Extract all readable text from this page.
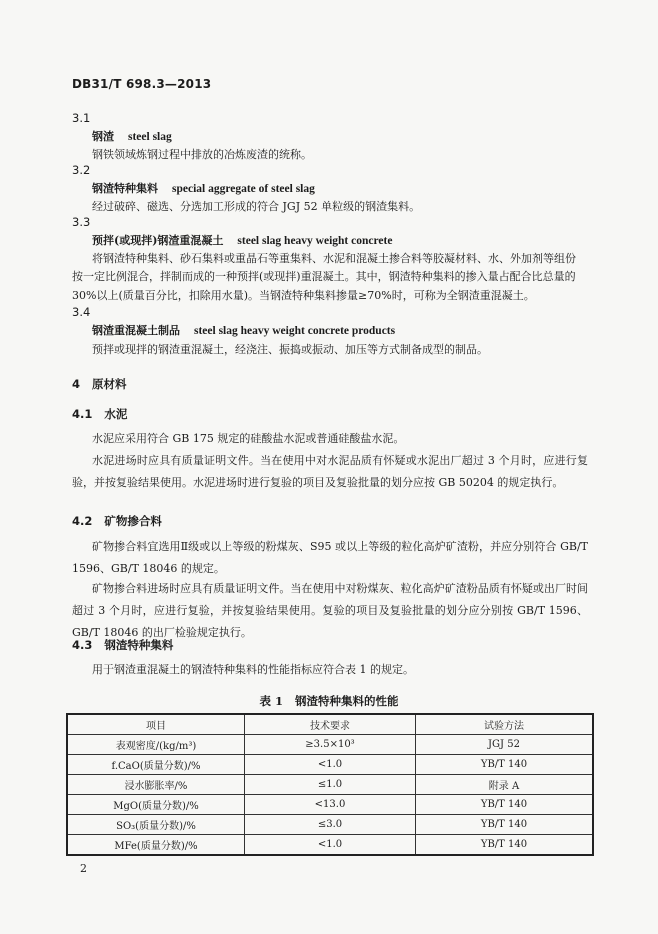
DB31/T 698.3—2013
3.1
钢渣 steel slag
钢铁领域炼钢过程中排放的冶炼废渣的统称。
3.2
钢渣特种集料 special aggregate of steel slag
经过破碎、磁选、分选加工形成的符合 JGJ 52 单粒级的钢渣集料。
3.3
预拌(或现拌)钢渣重混凝土 steel slag heavy weight concrete
将钢渣特种集料、砂石集料或重晶石等重集料、水泥和混凝土掺合料等胶凝材料、水、外加剂等组份
按一定比例混合，拌制而成的一种预拌(或现拌)重混凝土。其中，钢渣特种集料的掺入量占配合比总量的
30%以上(质量百分比，扣除用水量)。当钢渣特种集料掺量≥70%时，可称为全钢渣重混凝土。
3.4
钢渣重混凝土制品 steel slag heavy weight concrete products
预拌或现拌的钢渣重混凝土，经浇注、振捣或振动、加压等方式制备成型的制品。
4 原材料
4.1 水泥
水泥应采用符合 GB 175 规定的硅酸盐水泥或普通硅酸盐水泥。
水泥进场时应具有质量证明文件。当在使用中对水泥品质有怀疑或水泥出厂超过 3 个月时，应进行复验，并按复验结果使用。水泥进场时进行复验的项目及复验批量的划分应按 GB 50204 的规定执行。
4.2 矿物掺合料
矿物掺合料宜选用Ⅱ级或以上等级的粉煤灰、S95 或以上等级的粒化高炉矿渣粉，并应分别符合 GB/T 1596、GB/T 18046 的规定。
矿物掺合料进场时应具有质量证明文件。当在使用中对粉煤灰、粒化高炉矿渣粉品质有怀疑或出厂时间超过 3 个月时，应进行复验，并按复验结果使用。复验的项目及复验批量的划分应分别按 GB/T 1596、GB/T 18046 的出厂检验规定执行。
4.3 钢渣特种集料
用于钢渣重混凝土的钢渣特种集料的性能指标应符合表 1 的规定。
表 1 钢渣特种集料的性能
项目	技术要求	试验方法
表观密度/(kg/m³)	≥3.5×10³	JGJ 52
f.CaO(质量分数)/%	<1.0	YB/T 140
浸水膨胀率/%	≤1.0	附录 A
MgO(质量分数)/%	<13.0	YB/T 140
SO₃(质量分数)/%	≤3.0	YB/T 140
MFe(质量分数)/%	<1.0	YB/T 140
2
